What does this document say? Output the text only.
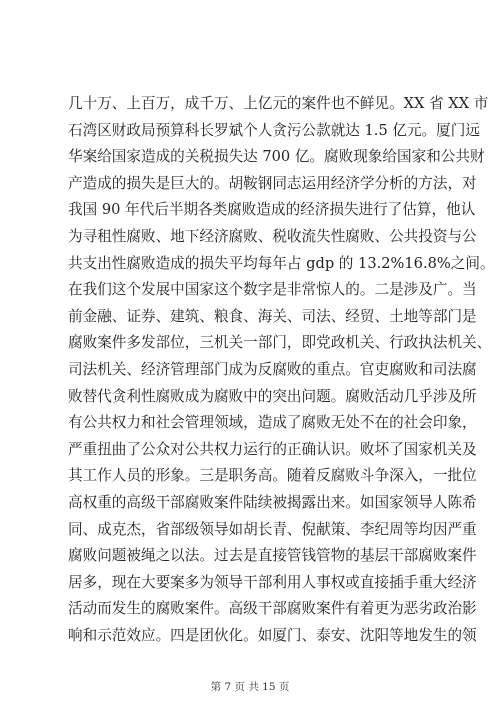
几十万、上百万，成千万、上亿元的案件也不鲜见。XX 省 XX 市
石湾区财政局预算科长罗斌个人贪污公款就达 1.5 亿元。厦门远
华案给国家造成的关税损失达 700 亿。腐败现象给国家和公共财
产造成的损失是巨大的。胡鞍钢同志运用经济学分析的方法，对
我国 90 年代后半期各类腐败造成的经济损失进行了估算，他认
为寻租性腐败、地下经济腐败、税收流失性腐败、公共投资与公
共支出性腐败造成的损失平均每年占 gdp 的 13.2%16.8%之间。
在我们这个发展中国家这个数字是非常惊人的。二是涉及广。当
前金融、证券、建筑、粮食、海关、司法、经贸、土地等部门是
腐败案件多发部位，三机关一部门，即党政机关、行政执法机关、
司法机关、经济管理部门成为反腐败的重点。官吏腐败和司法腐
败替代贪利性腐败成为腐败中的突出问题。腐败活动几乎涉及所
有公共权力和社会管理领域，造成了腐败无处不在的社会印象，
严重扭曲了公众对公共权力运行的正确认识。败坏了国家机关及
其工作人员的形象。三是职务高。随着反腐败斗争深入，一批位
高权重的高级干部腐败案件陆续被揭露出来。如国家领导人陈希
同、成克杰，省部级领导如胡长青、倪献策、李纪周等均因严重
腐败问题被绳之以法。过去是直接管钱管物的基层干部腐败案件
居多，现在大要案多为领导干部利用人事权或直接插手重大经济
活动而发生的腐败案件。高级干部腐败案件有着更为恶劣政治影
响和示范效应。四是团伙化。如厦门、泰安、沈阳等地发生的领
第 7 页 共 15 页
